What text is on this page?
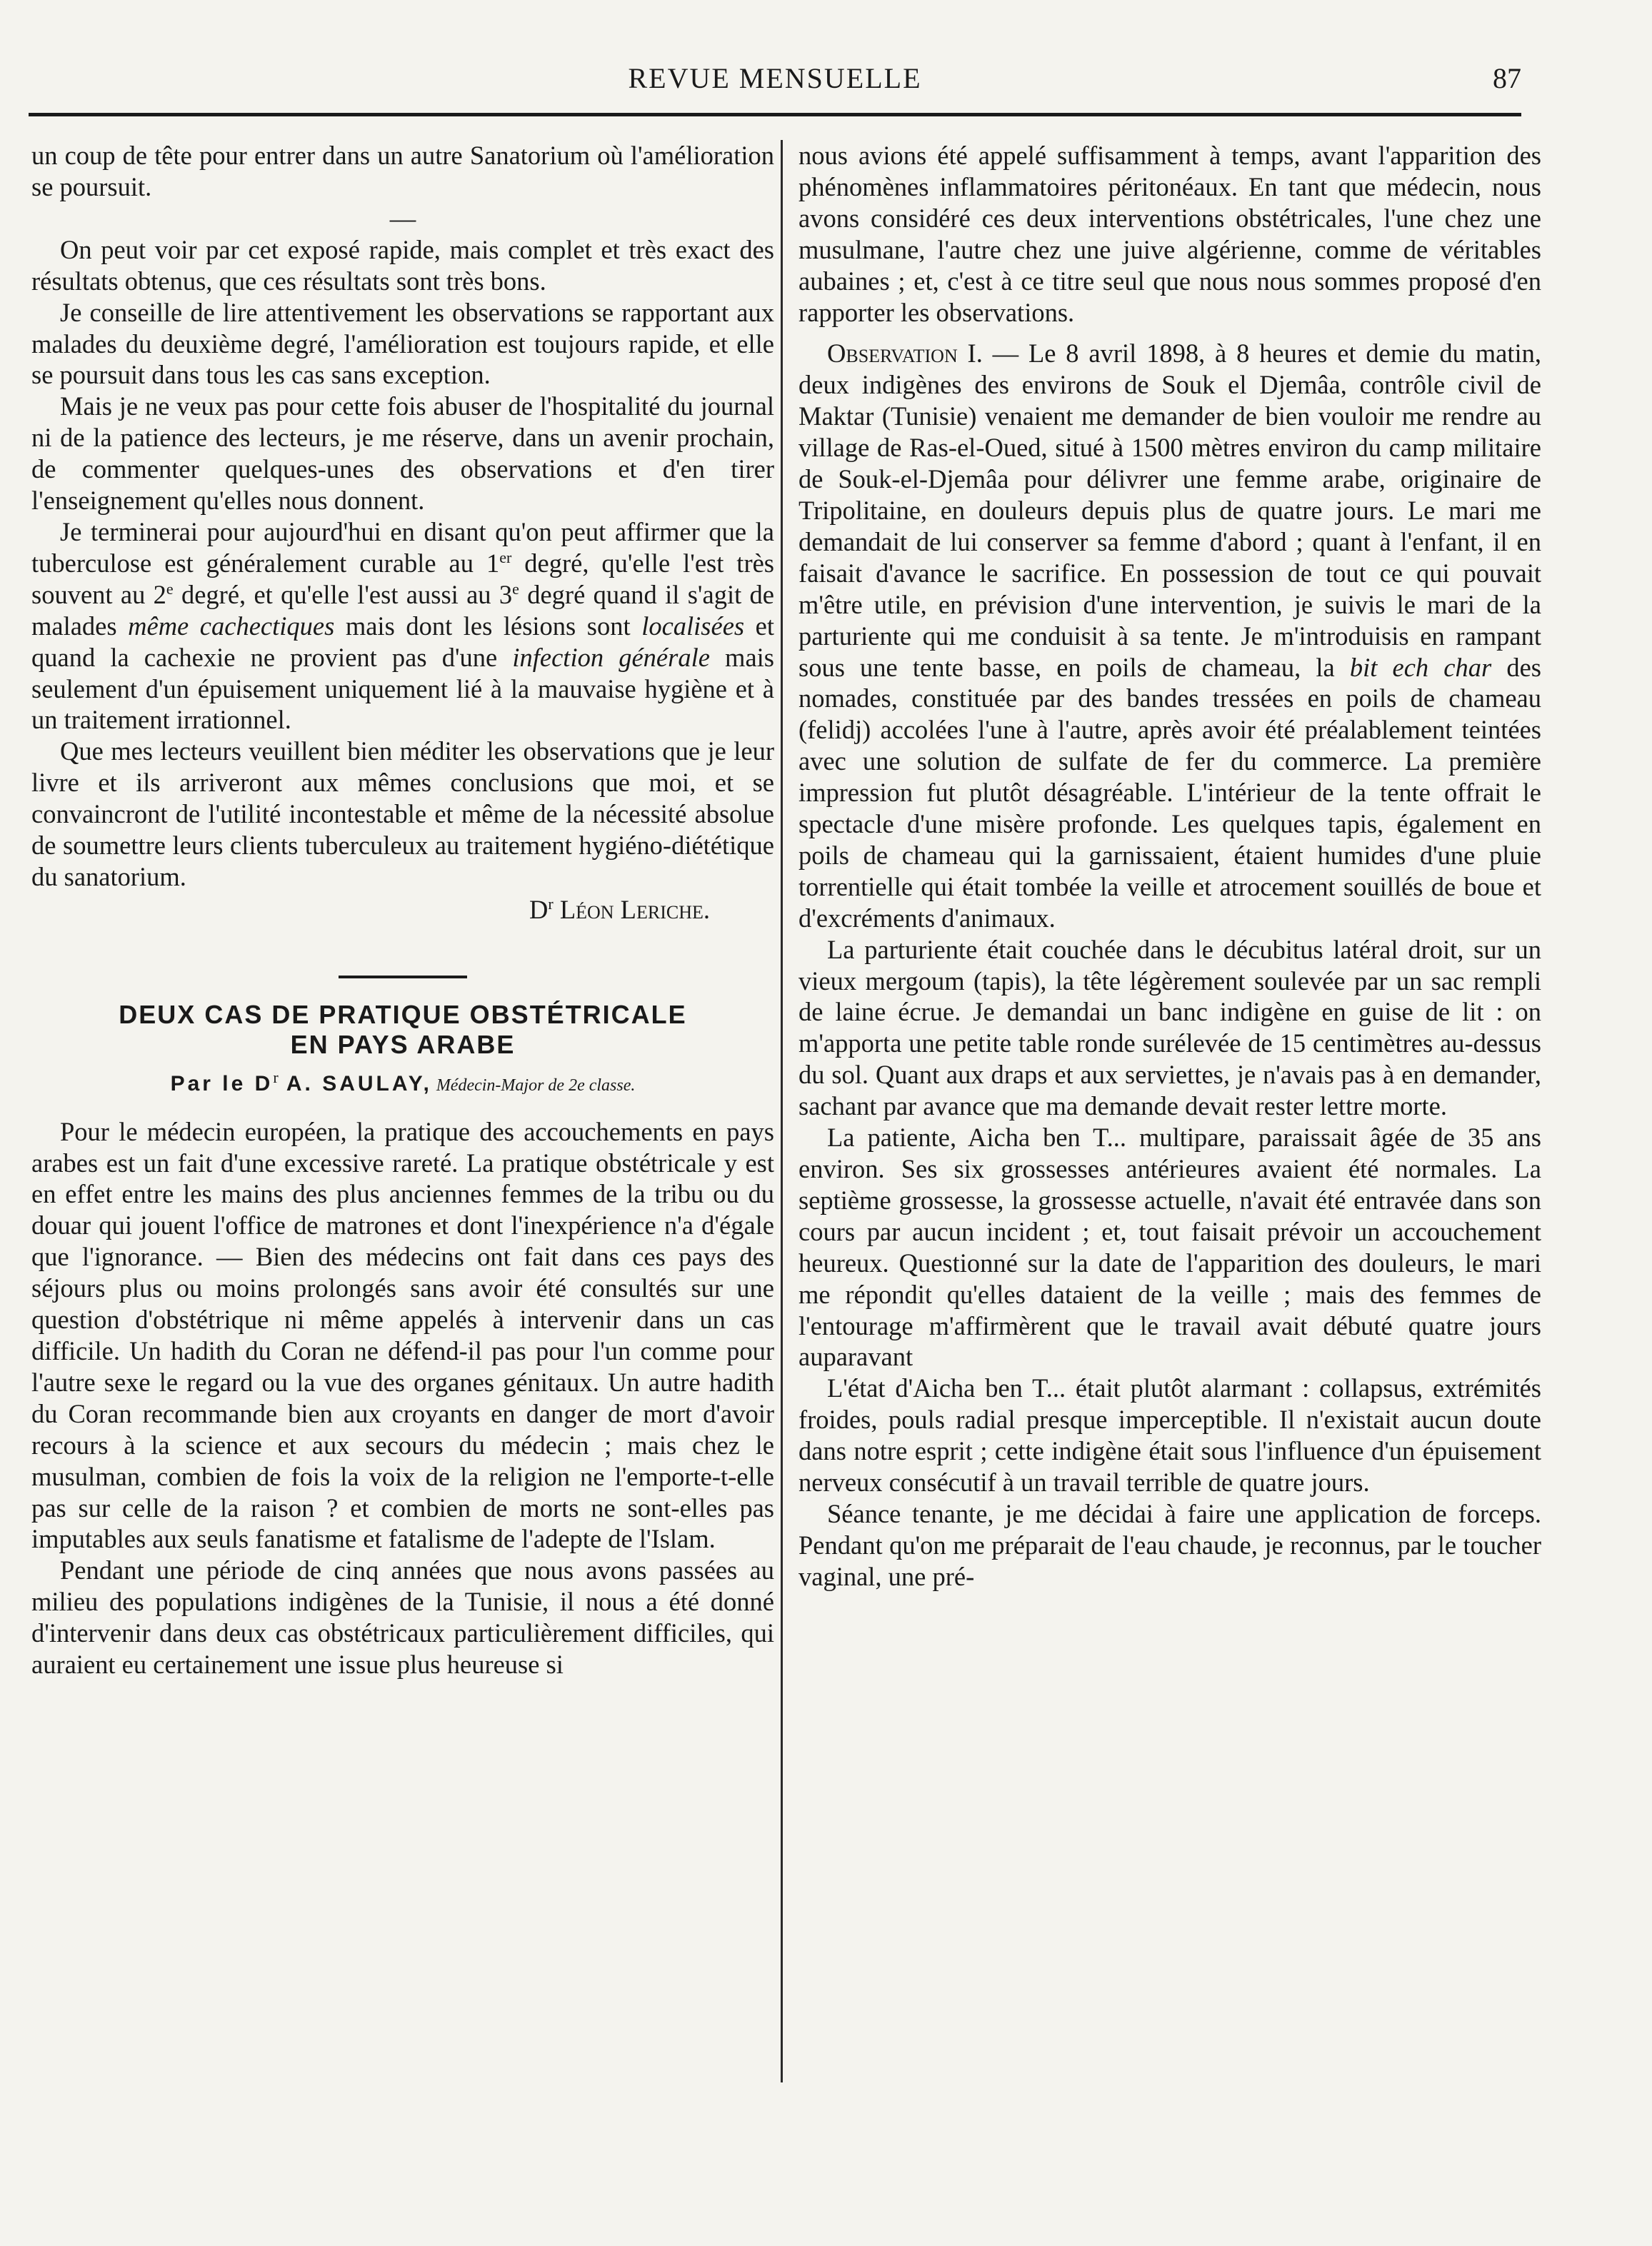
REVUE MENSUELLE	87

un coup de tête pour entrer dans un autre Sanatorium où l'amélioration se poursuit.

—

On peut voir par cet exposé rapide, mais complet et très exact des résultats obtenus, que ces résultats sont très bons.

Je conseille de lire attentivement les observations se rapportant aux malades du deuxième degré, l'amélioration est toujours rapide, et elle se poursuit dans tous les cas sans exception.

Mais je ne veux pas pour cette fois abuser de l'hospitalité du journal ni de la patience des lecteurs, je me réserve, dans un avenir prochain, de commenter quelques-unes des observations et d'en tirer l'enseignement qu'elles nous donnent.

Je terminerai pour aujourd'hui en disant qu'on peut affirmer que la tuberculose est généralement curable au 1er degré, qu'elle l'est très souvent au 2e degré, et qu'elle l'est aussi au 3e degré quand il s'agit de malades même cachectiques mais dont les lésions sont localisées et quand la cachexie ne provient pas d'une infection générale mais seulement d'un épuisement uniquement lié à la mauvaise hygiène et à un traitement irrationnel.

Que mes lecteurs veuillent bien méditer les observations que je leur livre et ils arriveront aux mêmes conclusions que moi, et se convaincront de l'utilité incontestable et même de la nécessité absolue de soumettre leurs clients tuberculeux au traitement hygiéno-diététique du sanatorium.

$D^r$ Léon Leriche.

DEUX CAS DE PRATIQUE OBSTÉTRICALE
EN PAYS ARABE
Par le $D^r$ A. SAULAY, Médecin-Major de 2e classe.

Pour le médecin européen, la pratique des accouchements en pays arabes est un fait d'une excessive rareté. La pratique obstétricale y est en effet entre les mains des plus anciennes femmes de la tribu ou du douar qui jouent l'office de matrones et dont l'inexpérience n'a d'égale que l'ignorance. — Bien des médecins ont fait dans ces pays des séjours plus ou moins prolongés sans avoir été consultés sur une question d'obstétrique ni même appelés à intervenir dans un cas difficile. Un hadith du Coran ne défend-il pas pour l'un comme pour l'autre sexe le regard ou la vue des organes génitaux. Un autre hadith du Coran recommande bien aux croyants en danger de mort d'avoir recours à la science et aux secours du médecin ; mais chez le musulman, combien de fois la voix de la religion ne l'emporte-t-elle pas sur celle de la raison ? et combien de morts ne sont-elles pas imputables aux seuls fanatisme et fatalisme de l'adepte de l'Islam.

Pendant une période de cinq années que nous avons passées au milieu des populations indigènes de la Tunisie, il nous a été donné d'intervenir dans deux cas obstétricaux particulièrement difficiles, qui auraient eu certainement une issue plus heureuse si

nous avions été appelé suffisamment à temps, avant l'apparition des phénomènes inflammatoires péritonéaux. En tant que médecin, nous avons considéré ces deux interventions obstétricales, l'une chez une musulmane, l'autre chez une juive algérienne, comme de véritables aubaines ; et, c'est à ce titre seul que nous nous sommes proposé d'en rapporter les observations.

Observation I. — Le 8 avril 1898, à 8 heures et demie du matin, deux indigènes des environs de Souk el Djemâa, contrôle civil de Maktar (Tunisie) venaient me demander de bien vouloir me rendre au village de Ras-el-Oued, situé à 1500 mètres environ du camp militaire de Souk-el-Djemâa pour délivrer une femme arabe, originaire de Tripolitaine, en douleurs depuis plus de quatre jours. Le mari me demandait de lui conserver sa femme d'abord ; quant à l'enfant, il en faisait d'avance le sacrifice. En possession de tout ce qui pouvait m'être utile, en prévision d'une intervention, je suivis le mari de la parturiente qui me conduisit à sa tente. Je m'introduisis en rampant sous une tente basse, en poils de chameau, la bit ech char des nomades, constituée par des bandes tressées en poils de chameau (felidj) accolées l'une à l'autre, après avoir été préalablement teintées avec une solution de sulfate de fer du commerce. La première impression fut plutôt désagréable. L'intérieur de la tente offrait le spectacle d'une misère profonde. Les quelques tapis, également en poils de chameau qui la garnissaient, étaient humides d'une pluie torrentielle qui était tombée la veille et atrocement souillés de boue et d'excréments d'animaux.

La parturiente était couchée dans le décubitus latéral droit, sur un vieux mergoum (tapis), la tête légèrement soulevée par un sac rempli de laine écrue. Je demandai un banc indigène en guise de lit : on m'apporta une petite table ronde surélevée de 15 centimètres au-dessus du sol. Quant aux draps et aux serviettes, je n'avais pas à en demander, sachant par avance que ma demande devait rester lettre morte.

La patiente, Aicha ben T... multipare, paraissait âgée de 35 ans environ. Ses six grossesses antérieures avaient été normales. La septième grossesse, la grossesse actuelle, n'avait été entravée dans son cours par aucun incident ; et, tout faisait prévoir un accouchement heureux. Questionné sur la date de l'apparition des douleurs, le mari me répondit qu'elles dataient de la veille ; mais des femmes de l'entourage m'affirmèrent que le travail avait débuté quatre jours auparavant

L'état d'Aicha ben T... était plutôt alarmant : collapsus, extrémités froides, pouls radial presque imperceptible. Il n'existait aucun doute dans notre esprit ; cette indigène était sous l'influence d'un épuisement nerveux consécutif à un travail terrible de quatre jours.

Séance tenante, je me décidai à faire une application de forceps. Pendant qu'on me préparait de l'eau chaude, je reconnus, par le toucher vaginal, une pré-
